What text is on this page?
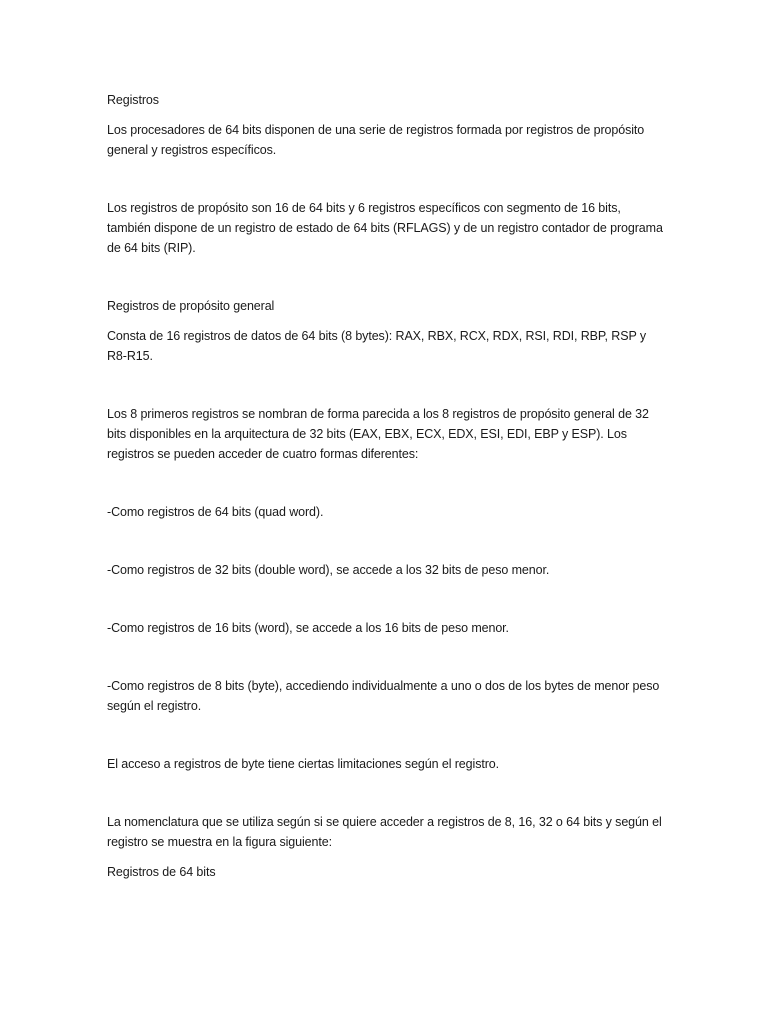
Registros

Los procesadores de 64 bits disponen de una serie de registros formada por registros de propósito general y registros específicos.

Los registros de propósito son 16 de 64 bits y 6 registros específicos con segmento de 16 bits, también dispone de un registro de estado de 64 bits (RFLAGS) y de un registro contador de programa de 64 bits (RIP).

Registros de propósito general

Consta de 16 registros de datos de 64 bits (8 bytes): RAX, RBX, RCX, RDX, RSI, RDI, RBP, RSP y R8-R15.

Los 8 primeros registros se nombran de forma parecida a los 8 registros de propósito general de 32 bits disponibles en la arquitectura de 32 bits (EAX, EBX, ECX, EDX, ESI, EDI, EBP y ESP). Los registros se pueden acceder de cuatro formas diferentes:

-Como registros de 64 bits (quad word).

-Como registros de 32 bits (double word), se accede a los 32 bits de peso menor.

-Como registros de 16 bits (word), se accede a los 16 bits de peso menor.

-Como registros de 8 bits (byte), accediendo individualmente a uno o dos de los bytes de menor peso según el registro.

El acceso a registros de byte tiene ciertas limitaciones según el registro.

La nomenclatura que se utiliza según si se quiere acceder a registros de 8, 16, 32 o 64 bits y según el registro se muestra en la figura siguiente:

Registros de 64 bits
